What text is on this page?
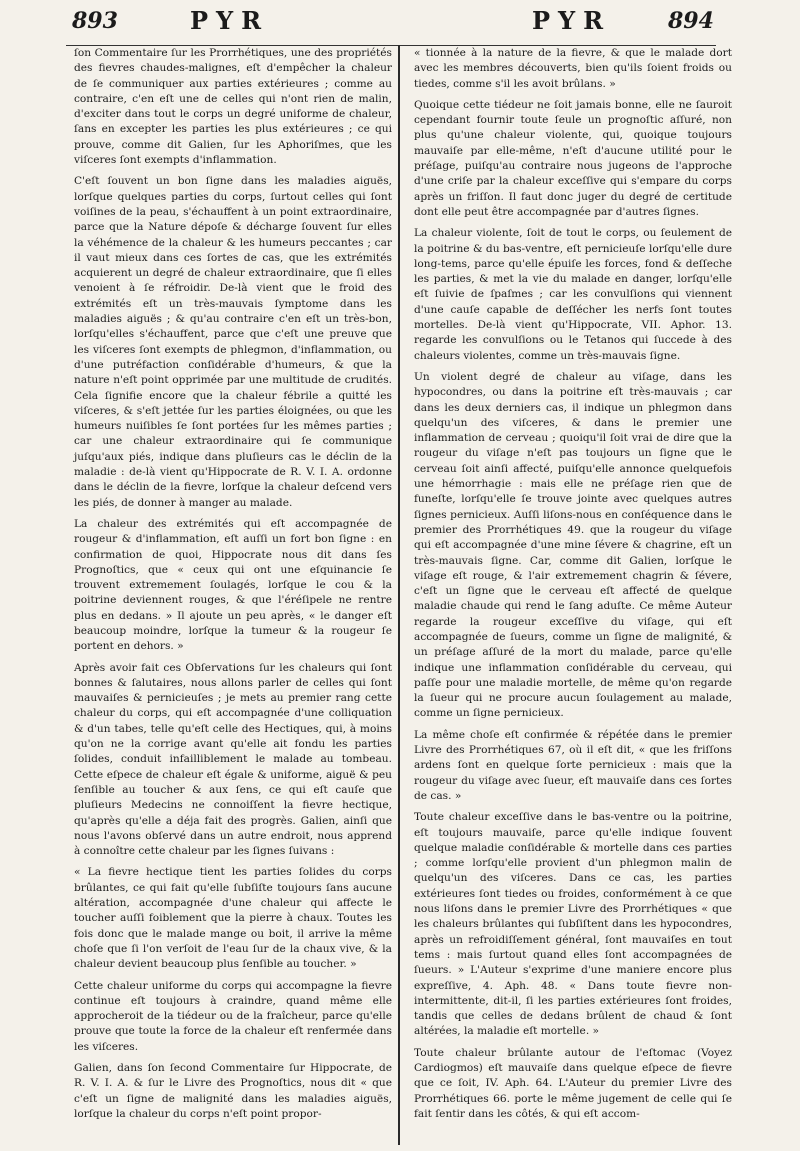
893	PYR	PYR	894

ſon Commentaire ſur les Prorrhétiques, une des propriétés des fievres chaudes-malignes, eſt d'empêcher la chaleur de ſe communiquer aux parties extérieures ; comme au contraire, c'en eſt une de celles qui n'ont rien de malin, d'exciter dans tout le corps un degré uniforme de chaleur, ſans en excepter les parties les plus extérieures ; ce qui prouve, comme dit Galien, ſur les Aphoriſmes, que les viſceres ſont exempts d'inflammation.

C'eſt ſouvent un bon ſigne dans les maladies aiguës, lorſque quelques parties du corps, ſurtout celles qui ſont voiſines de la peau, s'échauffent à un point extraordinaire, parce que la Nature dépoſe & décharge ſouvent ſur elles la véhémence de la chaleur & les humeurs peccantes ; car il vaut mieux dans ces ſortes de cas, que les extrémités acquierent un degré de chaleur extraordinaire, que ſi elles venoient à ſe réfroidir. De-là vient que le froid des extrémités eſt un très-mauvais ſymptome dans les maladies aiguës ; & qu'au contraire c'en eſt un très-bon, lorſqu'elles s'échauffent, parce que c'eſt une preuve que les viſceres ſont exempts de phlegmon, d'inflammation, ou d'une putréfaction conſidérable d'humeurs, & que la nature n'eſt point opprimée par une multitude de crudités. Cela ſignifie encore que la chaleur fébrile a quitté les viſceres, & s'eſt jettée ſur les parties éloignées, ou que les humeurs nuiſibles ſe ſont portées ſur les mêmes parties ; car une chaleur extraordinaire qui ſe communique juſqu'aux piés, indique dans pluſieurs cas le déclin de la maladie : de-là vient qu'Hippocrate de R. V. I. A. ordonne dans le déclin de la fievre, lorſque la chaleur deſcend vers les piés, de donner à manger au malade.

La chaleur des extrémités qui eſt accompagnée de rougeur & d'inflammation, eſt auſſi un fort bon ſigne : en confirmation de quoi, Hippocrate nous dit dans ſes Prognoſtics, que « ceux qui ont une eſquinancie ſe trouvent extremement ſoulagés, lorſque le cou & la poitrine deviennent rouges, & que l'éréſipele ne rentre plus en dedans. » Il ajoute un peu après, « le danger eſt beaucoup moindre, lorſque la tumeur & la rougeur ſe portent en dehors. »

Après avoir fait ces Obſervations ſur les chaleurs qui ſont bonnes & ſalutaires, nous allons parler de celles qui ſont mauvaiſes & pernicieuſes ; je mets au premier rang cette chaleur du corps, qui eſt accompagnée d'une colliquation & d'un tabes, telle qu'eſt celle des Hectiques, qui, à moins qu'on ne la corrige avant qu'elle ait fondu les parties ſolides, conduit infailliblement le malade au tombeau. Cette eſpece de chaleur eſt égale & uniforme, aiguë & peu ſenſible au toucher & aux ſens, ce qui eſt cauſe que pluſieurs Medecins ne connoiſſent la fievre hectique, qu'après qu'elle a déja fait des progrès. Galien, ainſi que nous l'avons obſervé dans un autre endroit, nous apprend à connoître cette chaleur par les ſignes ſuivans :

« La fievre hectique tient les parties ſolides du corps brûlantes, ce qui fait qu'elle ſubſiſte toujours ſans aucune altération, accompagnée d'une chaleur qui affecte le toucher auſſi foiblement que la pierre à chaux. Toutes les fois donc que le malade mange ou boit, il arrive la même choſe que ſi l'on verſoit de l'eau ſur de la chaux vive, & la chaleur devient beaucoup plus ſenſible au toucher. »

Cette chaleur uniforme du corps qui accompagne la fievre continue eſt toujours à craindre, quand même elle approcheroit de la tiédeur ou de la fraîcheur, parce qu'elle prouve que toute la force de la chaleur eſt renfermée dans les viſceres.

Galien, dans ſon ſecond Commentaire ſur Hippocrate, de R. V. I. A. & ſur le Livre des Prognoſtics, nous dit « que c'eſt un ſigne de malignité dans les maladies aiguës, lorſque la chaleur du corps n'eſt point propor-

« tionnée à la nature de la fievre, & que le malade dort avec les membres découverts, bien qu'ils ſoient froids ou tiedes, comme s'il les avoit brûlans. »

Quoique cette tiédeur ne ſoit jamais bonne, elle ne ſauroit cependant fournir toute ſeule un prognoſtic aſſuré, non plus qu'une chaleur violente, qui, quoique toujours mauvaiſe par elle-même, n'eſt d'aucune utilité pour le préſage, puiſqu'au contraire nous jugeons de l'approche d'une criſe par la chaleur exceſſive qui s'empare du corps après un friſſon. Il faut donc juger du degré de certitude dont elle peut être accompagnée par d'autres ſignes.

La chaleur violente, ſoit de tout le corps, ou ſeulement de la poitrine & du bas-ventre, eſt pernicieuſe lorſqu'elle dure long-tems, parce qu'elle épuiſe les forces, fond & deſſeche les parties, & met la vie du malade en danger, lorſqu'elle eſt ſuivie de ſpaſmes ; car les convulſions qui viennent d'une cauſe capable de deſſécher les nerfs ſont toutes mortelles. De-là vient qu'Hippocrate, VII. Aphor. 13. regarde les convulſions ou le Tetanos qui ſuccede à des chaleurs violentes, comme un très-mauvais ſigne.

Un violent degré de chaleur au viſage, dans les hypocondres, ou dans la poitrine eſt très-mauvais ; car dans les deux derniers cas, il indique un phlegmon dans quelqu'un des viſceres, & dans le premier une inflammation de cerveau ; quoiqu'il ſoit vrai de dire que la rougeur du viſage n'eſt pas toujours un ſigne que le cerveau ſoit ainſi affecté, puiſqu'elle annonce quelquefois une hémorrhagie : mais elle ne préſage rien que de funeſte, lorſqu'elle ſe trouve jointe avec quelques autres ſignes pernicieux. Auſſi liſons-nous en conſéquence dans le premier des Prorrhétiques 49. que la rougeur du viſage qui eſt accompagnée d'une mine ſévere & chagrine, eſt un très-mauvais ſigne. Car, comme dit Galien, lorſque le viſage eſt rouge, & l'air extremement chagrin & ſévere, c'eſt un ſigne que le cerveau eſt affecté de quelque maladie chaude qui rend le ſang aduſte. Ce même Auteur regarde la rougeur exceſſive du viſage, qui eſt accompagnée de ſueurs, comme un ſigne de malignité, & un préſage aſſuré de la mort du malade, parce qu'elle indique une inflammation conſidérable du cerveau, qui paſſe pour une maladie mortelle, de même qu'on regarde la ſueur qui ne procure aucun ſoulagement au malade, comme un ſigne pernicieux.

La même choſe eſt confirmée & répétée dans le premier Livre des Prorrhétiques 67, où il eſt dit, « que les friſſons ardens ſont en quelque ſorte pernicieux : mais que la rougeur du viſage avec ſueur, eſt mauvaiſe dans ces ſortes de cas. »

Toute chaleur exceſſive dans le bas-ventre ou la poitrine, eſt toujours mauvaiſe, parce qu'elle indique ſouvent quelque maladie conſidérable & mortelle dans ces parties ; comme lorſqu'elle provient d'un phlegmon malin de quelqu'un des viſceres. Dans ce cas, les parties extérieures ſont tiedes ou froides, conformément à ce que nous liſons dans le premier Livre des Prorrhétiques « que les chaleurs brûlantes qui ſubſiſtent dans les hypocondres, après un refroidiſſement général, ſont mauvaiſes en tout tems : mais ſurtout quand elles ſont accompagnées de ſueurs. » L'Auteur s'exprime d'une maniere encore plus expreſſive, 4. Aph. 48. « Dans toute fievre non-intermittente, dit-il, ſi les parties extérieures ſont froides, tandis que celles de dedans brûlent de chaud & ſont altérées, la maladie eſt mortelle. »

Toute chaleur brûlante autour de l'eſtomac (Voyez Cardiogmos) eſt mauvaiſe dans quelque eſpece de fievre que ce ſoit, IV. Aph. 64. L'Auteur du premier Livre des Prorrhétiques 66. porte le même jugement de celle qui ſe fait ſentir dans les côtés, & qui eſt accom-
